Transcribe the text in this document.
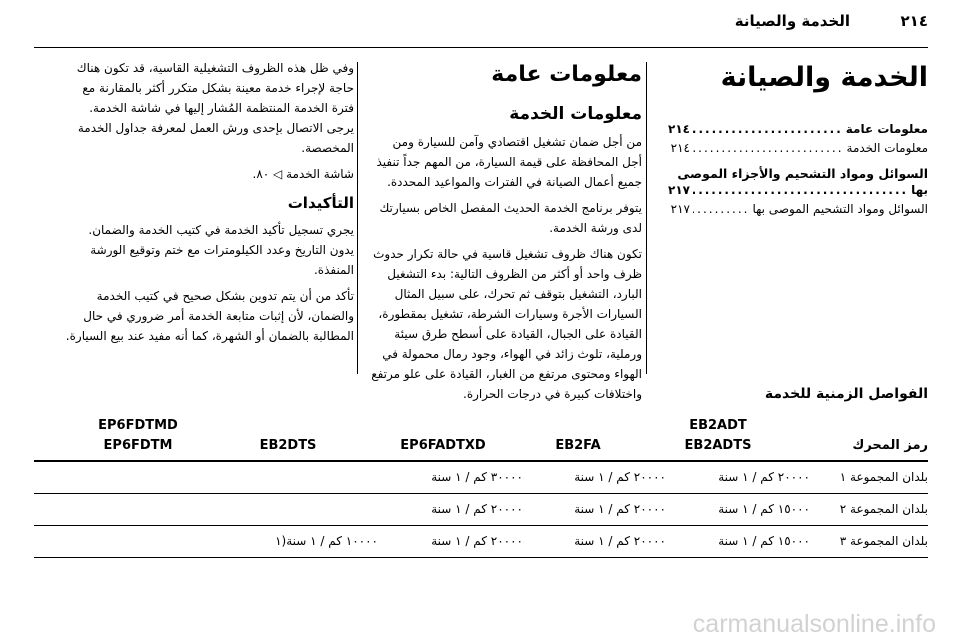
٢١٤
الخدمة والصيانة
الخدمة والصيانة
معلومات عامة
.....
٢١٤
معلومات الخدمة
.....
٢١٤
السوائل ومواد التشحيم والأجزاء الموصى
بها
.....
٢١٧
السوائل ومواد التشحيم الموصى بها
.....
٢١٧
معلومات عامة
معلومات الخدمة

من أجل ضمان تشغيل اقتصادي وآمن للسيارة ومن أجل المحافظة على قيمة السيارة، من المهم جداً تنفيذ جميع أعمال الصيانة في الفترات والمواعيد المحددة.

يتوفر برنامج الخدمة الحديث المفصل الخاص بسيارتك لدى ورشة الخدمة.

تكون هناك ظروف تشغيل قاسية في حالة تكرار حدوث ظرف واحد أو أكثر من الظروف التالية: بدء التشغيل البارد، التشغيل بتوقف ثم تحرك، على سبيل المثال السيارات الأجرة وسيارات الشرطة، تشغيل بمقطورة، القيادة على الجبال، القيادة على أسطح طرق سيئة ورملية، تلوث زائد في الهواء، وجود رمال محمولة في الهواء ومحتوى مرتفع من الغبار، القيادة على علو مرتفع واختلافات كبيرة في درجات الحرارة.

وفي ظل هذه الظروف التشغيلية القاسية، قد تكون هناك حاجة لإجراء خدمة معينة بشكل متكرر أكثر بالمقارنة مع فترة الخدمة المنتظمة المُشار إليها في شاشة الخدمة. يرجى الاتصال بإحدى ورش العمل لمعرفة جداول الخدمة المخصصة.

شاشة الخدمة ◁ ٨٠.

التأكيدات

يجري تسجيل تأكيد الخدمة في كتيب الخدمة والضمان. يدون التاريخ وعدد الكيلومترات مع ختم وتوقيع الورشة المنفذة.

تأكد من أن يتم تدوين بشكل صحيح في كتيب الخدمة والضمان، لأن إثبات متابعة الخدمة أمر ضروري في حال المطالبة بالضمان أو الشهرة، كما أنه مفيد عند بيع السيارة.

الفواصل الزمنية للخدمة
EB2ADT
EP6FDTMD
رمز المحرك
EB2ADTS
EB2FA
EP6FADTXD
EB2DTS
EP6FDTM
بلدان المجموعة ١
٢٠٠٠٠ كم / ١ سنة
٢٠٠٠٠ كم / ١ سنة
٣٠٠٠٠ كم / ١ سنة
بلدان المجموعة ٢
١٥٠٠٠ كم / ١ سنة
٢٠٠٠٠ كم / ١ سنة
٢٠٠٠٠ كم / ١ سنة
بلدان المجموعة ٣
١٥٠٠٠ كم / ١ سنة
٢٠٠٠٠ كم / ١ سنة
٢٠٠٠٠ كم / ١ سنة
١٠٠٠٠ كم / ١ سنة(١
carmanualsonline.info
